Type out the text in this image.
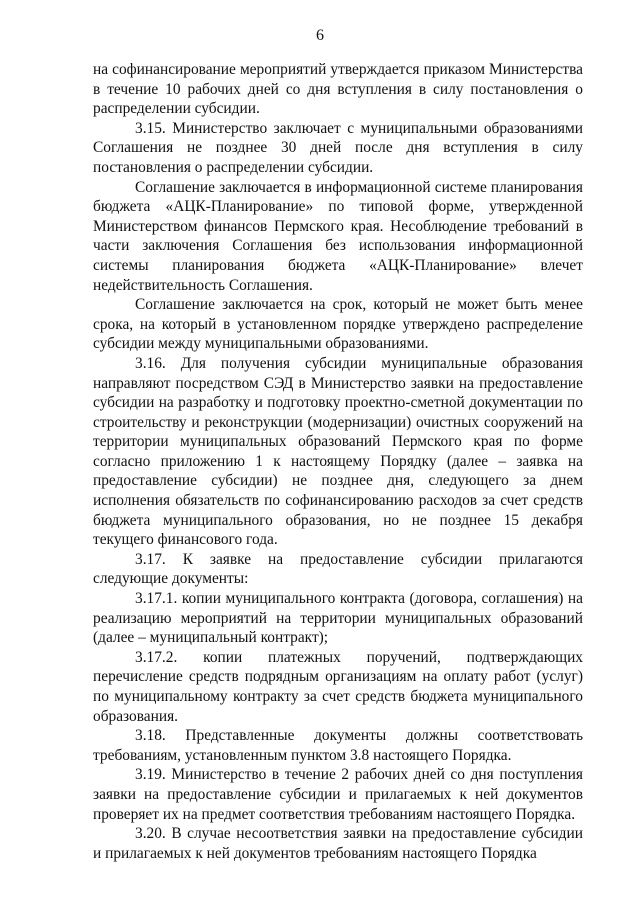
6

на софинансирование мероприятий утверждается приказом Министерства в течение 10 рабочих дней со дня вступления в силу постановления о распределении субсидии.

3.15. Министерство заключает с муниципальными образованиями Соглашения не позднее 30 дней после дня вступления в силу постановления о распределении субсидии.

Соглашение заключается в информационной системе планирования бюджета «АЦК-Планирование» по типовой форме, утвержденной Министерством финансов Пермского края. Несоблюдение требований в части заключения Соглашения без использования информационной системы планирования бюджета «АЦК-Планирование» влечет недействительность Соглашения.

Соглашение заключается на срок, который не может быть менее срока, на который в установленном порядке утверждено распределение субсидии между муниципальными образованиями.

3.16. Для получения субсидии муниципальные образования направляют посредством СЭД в Министерство заявки на предоставление субсидии на разработку и подготовку проектно-сметной документации по строительству и реконструкции (модернизации) очистных сооружений на территории муниципальных образований Пермского края по форме согласно приложению 1 к настоящему Порядку (далее – заявка на предоставление субсидии) не позднее дня, следующего за днем исполнения обязательств по софинансированию расходов за счет средств бюджета муниципального образования, но не позднее 15 декабря текущего финансового года.

3.17. К заявке на предоставление субсидии прилагаются следующие документы:

3.17.1. копии муниципального контракта (договора, соглашения) на реализацию мероприятий на территории муниципальных образований (далее – муниципальный контракт);

3.17.2. копии платежных поручений, подтверждающих перечисление средств подрядным организациям на оплату работ (услуг) по муниципальному контракту за счет средств бюджета муниципального образования.

3.18. Представленные документы должны соответствовать требованиям, установленным пунктом 3.8 настоящего Порядка.

3.19. Министерство в течение 2 рабочих дней со дня поступления заявки на предоставление субсидии и прилагаемых к ней документов проверяет их на предмет соответствия требованиям настоящего Порядка.

3.20. В случае несоответствия заявки на предоставление субсидии и прилагаемых к ней документов требованиям настоящего Порядка
